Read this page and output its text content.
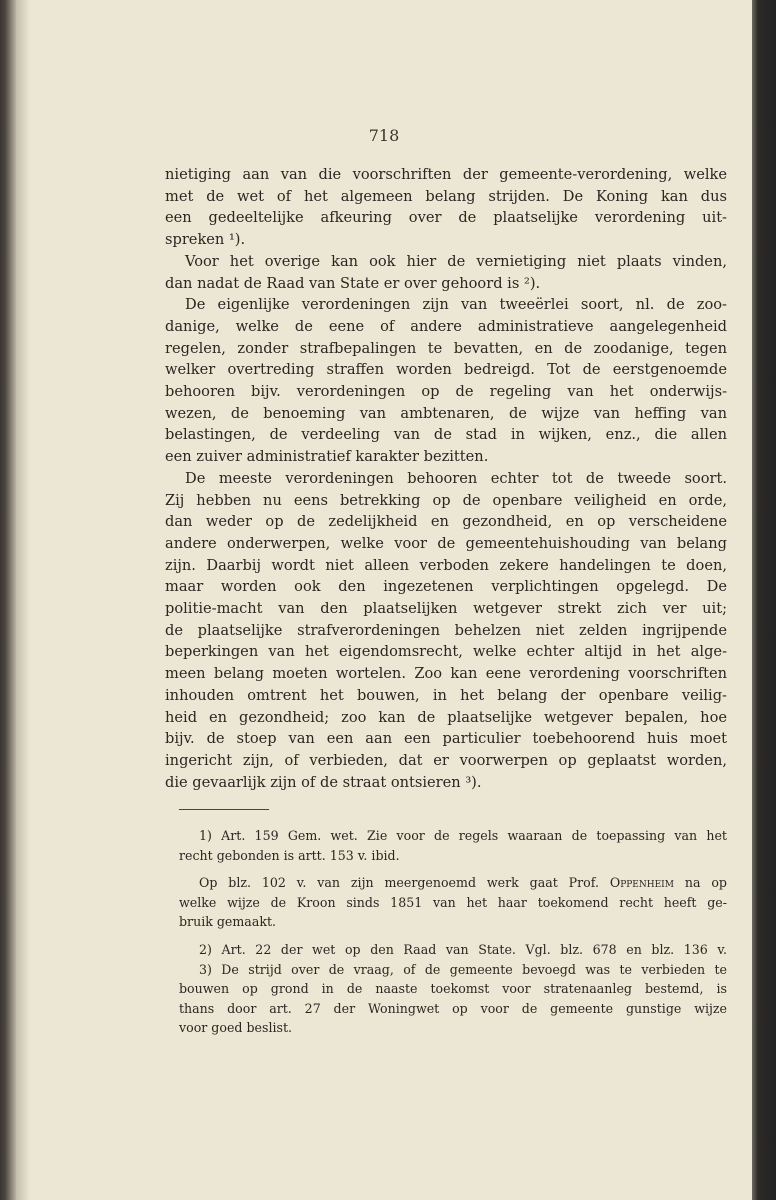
718
nietiging aan van die voorschriften der gemeente-verordening, welke
met de wet of het algemeen belang strijden. De Koning kan dus
een gedeeltelijke afkeuring over de plaatselijke verordening uit-
spreken ¹).
Voor het overige kan ook hier de vernietiging niet plaats vinden,
dan nadat de Raad van State er over gehoord is ²).
De eigenlijke verordeningen zijn van tweeërlei soort, nl. de zoo-
danige, welke de eene of andere administratieve aangelegenheid
regelen, zonder strafbepalingen te bevatten, en de zoodanige, tegen
welker overtreding straffen worden bedreigd. Tot de eerstgenoemde
behooren bijv. verordeningen op de regeling van het onderwijs-
wezen, de benoeming van ambtenaren, de wijze van heffing van
belastingen, de verdeeling van de stad in wijken, enz., die allen
een zuiver administratief karakter bezitten.
De meeste verordeningen behooren echter tot de tweede soort.
Zij hebben nu eens betrekking op de openbare veiligheid en orde,
dan weder op de zedelijkheid en gezondheid, en op verscheidene
andere onderwerpen, welke voor de gemeentehuishouding van belang
zijn. Daarbij wordt niet alleen verboden zekere handelingen te doen,
maar worden ook den ingezetenen verplichtingen opgelegd. De
politie-macht van den plaatselijken wetgever strekt zich ver uit;
de plaatselijke strafverordeningen behelzen niet zelden ingrijpende
beperkingen van het eigendomsrecht, welke echter altijd in het alge-
meen belang moeten wortelen. Zoo kan eene verordening voorschriften
inhouden omtrent het bouwen, in het belang der openbare veilig-
heid en gezondheid; zoo kan de plaatselijke wetgever bepalen, hoe
bijv. de stoep van een aan een particulier toebehoorend huis moet
ingericht zijn, of verbieden, dat er voorwerpen op geplaatst worden,
die gevaarlijk zijn of de straat ontsieren ³).
1) Art. 159 Gem. wet. Zie voor de regels waaraan de toepassing van het
recht gebonden is artt. 153 v. ibid.
Op blz. 102 v. van zijn meergenoemd werk gaat Prof. Oppenheim na op
welke wijze de Kroon sinds 1851 van het haar toekomend recht heeft ge-
bruik gemaakt.
2) Art. 22 der wet op den Raad van State. Vgl. blz. 678 en blz. 136 v.
3) De strijd over de vraag, of de gemeente bevoegd was te verbieden te
bouwen op grond in de naaste toekomst voor stratenaanleg bestemd, is
thans door art. 27 der Woningwet op voor de gemeente gunstige wijze
voor goed beslist.
